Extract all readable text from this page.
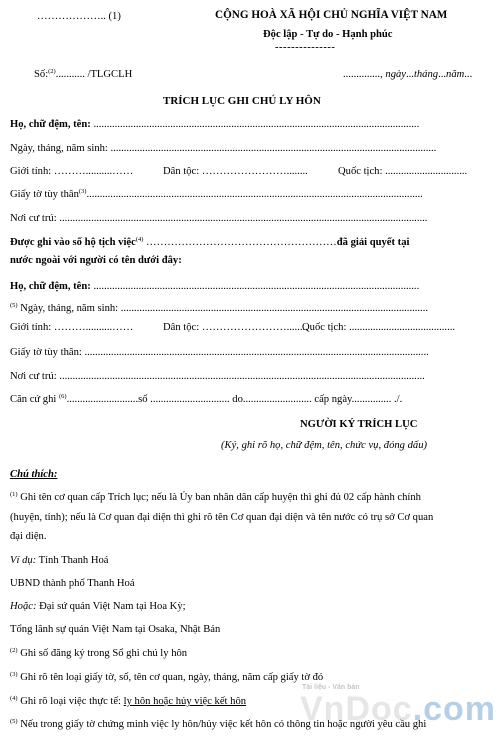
……………….. (1)	CỘNG HOÀ XÃ HỘI CHỦ NGHĨA VIỆT NAM
Độc lập - Tự do - Hạnh phúc
---------------
Số:$^{(2)}$........... /TLGCLH	.............., ngày...tháng...năm...
TRÍCH LỤC GHI CHÚ LY HÔN
Họ, chữ đệm, tên: ...........................................................................................................................
Ngày, tháng, năm sinh: ...........................................................................................................................
Giới tính: ………..........……	Dân tộc: ……………………........	Quốc tịch: ...............................
Giấy tờ tùy thân$^{(3)}$...............................................................................................................................
Nơi cư trú: ...........................................................................................................................................
Được ghi vào sổ hộ tịch việc$^{(4)}$ ………………………………………………đã giải quyết tại
nước ngoài với người có tên dưới đây:
Họ, chữ đệm, tên: ...........................................................................................................................
$^{(5)}$ Ngày, tháng, năm sinh: ....................................................................................................................
Giới tính: ………..........……	Dân tộc: ……………………........
Quốc tịch: ........................................
Giấy tờ tùy thân: ..................................................................................................................................
Nơi cư trú: ..........................................................................................................................................
Căn cứ ghi $^{(6)}$...........................số .............................. do.......................... cấp ngày............... ./.
NGƯỜI KÝ TRÍCH LỤC
(Ký, ghi rõ họ, chữ đệm, tên, chức vụ, đóng dấu)
Chú thích:
$^{(1)}$ Ghi tên cơ quan cấp Trích lục; nếu là Ủy ban nhân dân cấp huyện thì ghi đủ 02 cấp hành chính
(huyện, tỉnh); nếu là Cơ quan đại diện thì ghi rõ tên Cơ quan đại diện và tên nước có trụ sở Cơ quan
đại diện.
Ví dụ: Tỉnh Thanh Hoá
UBND thành phố Thanh Hoá
Hoặc: Đại sứ quán Việt Nam tại Hoa Kỳ;
Tổng lãnh sự quán Việt Nam tại Osaka, Nhật Bản
$^{(2)}$ Ghi số đăng ký trong Sổ ghi chú ly hôn
$^{(3)}$ Ghi rõ tên loại giấy tờ, số, tên cơ quan, ngày, tháng, năm cấp giấy tờ đó
$^{(4)}$ Ghi rõ loại việc thực tế: ly hôn hoặc hủy việc kết hôn
$^{(5)}$ Nếu trong giấy tờ chứng minh việc ly hôn/hủy việc kết hôn có thông tin hoặc người yêu cầu ghi
Tài liệu - Văn bản
VnDoc.com
